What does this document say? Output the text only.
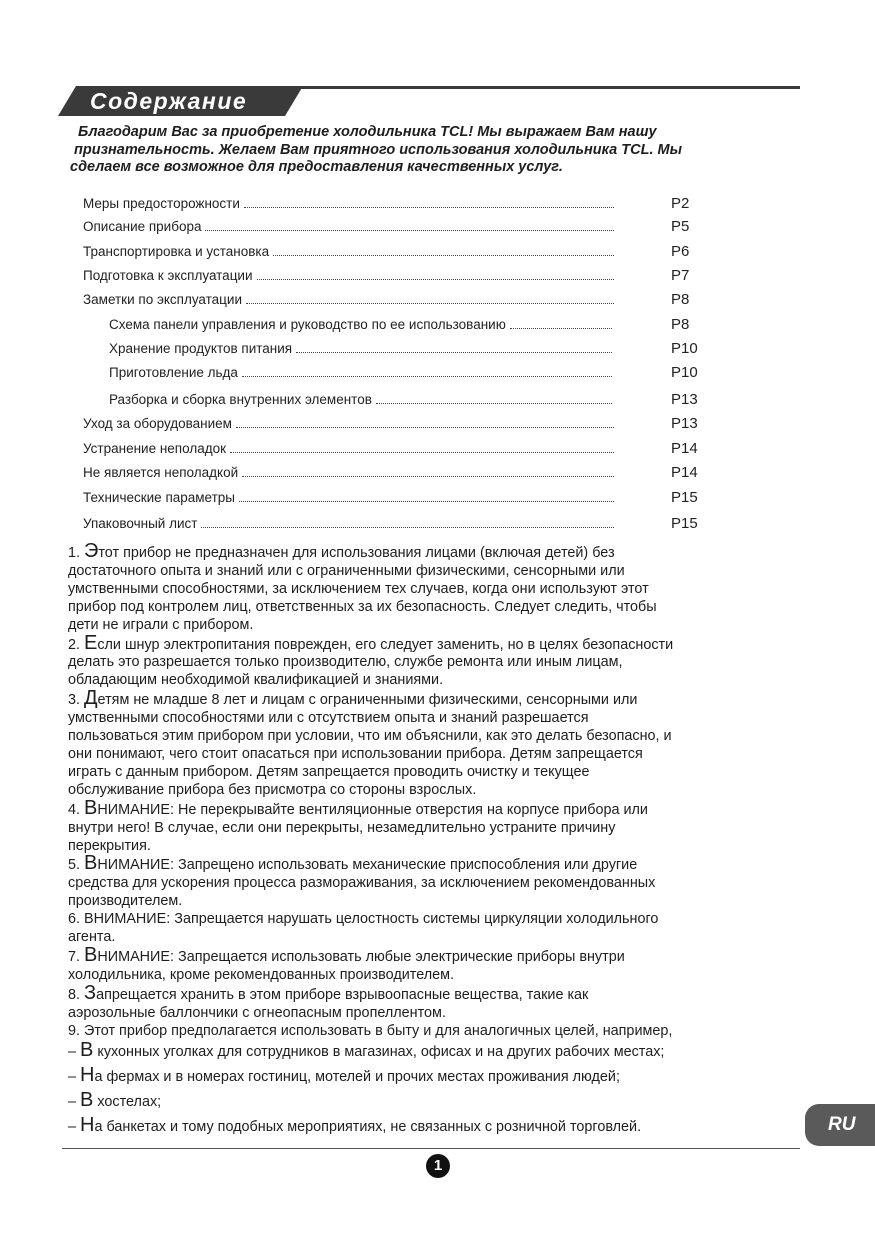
Содержание
Благодарим Вас за приобретение холодильника TCL! Мы выражаем Вам нашу
признательность. Желаем Вам приятного использования холодильника TCL. Мы
сделаем все возможное для предоставления качественных услуг.
Меры предосторожности	P2
Описание прибора	P5
Транспортировка и установка	P6
Подготовка к эксплуатации	P7
Заметки по эксплуатации	P8
Схема панели управления и руководство по ее использованию	P8
Хранение продуктов питания	P10
Приготовление льда	P10
Разборка и сборка внутренних элементов	P13
Уход за оборудованием	P13
Устранение неполадок	P14
Не является неполадкой	P14
Технические параметры	P15
Упаковочный лист	P15

1. Этот прибор не предназначен для использования лицами (включая детей) без

достаточного опыта и знаний или с ограниченными физическими, сенсорными или

умственными способностями, за исключением тех случаев, когда они используют этот

прибор под контролем лиц, ответственных за их безопасность. Следует следить, чтобы

дети не играли с прибором.

2. Если шнур электропитания поврежден, его следует заменить, но в целях безопасности

делать это разрешается только производителю, службе ремонта или иным лицам,

обладающим необходимой квалификацией и знаниями.

3. Детям не младше 8 лет и лицам с ограниченными физическими, сенсорными или

умственными способностями или с отсутствием опыта и знаний разрешается

пользоваться этим прибором при условии, что им объяснили, как это делать безопасно, и

они понимают, чего стоит опасаться при использовании прибора. Детям запрещается

играть с данным прибором. Детям запрещается проводить очистку и текущее

обслуживание прибора без присмотра со стороны взрослых.

4. ВНИМАНИЕ: Не перекрывайте вентиляционные отверстия на корпусе прибора или

внутри него! В случае, если они перекрыты, незамедлительно устраните причину

перекрытия.

5. ВНИМАНИЕ: Запрещено использовать механические приспособления или другие

средства для ускорения процесса размораживания, за исключением рекомендованных

производителем.

6. ВНИМАНИЕ: Запрещается нарушать целостность системы циркуляции холодильного

агента.

7. ВНИМАНИЕ: Запрещается использовать любые электрические приборы внутри

холодильника, кроме рекомендованных производителем.

8. Запрещается хранить в этом приборе взрывоопасные вещества, такие как

аэрозольные баллончики с огнеопасным пропеллентом.

9. Этот прибор предполагается использовать в быту и для аналогичных целей, например,

– В кухонных уголках для сотрудников в магазинах, офисах и на других рабочих местах;

– На фермах и в номерах гостиниц, мотелей и прочих местах проживания людей;

– В хостелах;

– На банкетах и тому подобных мероприятиях, не связанных с розничной торговлей.	RU
1
